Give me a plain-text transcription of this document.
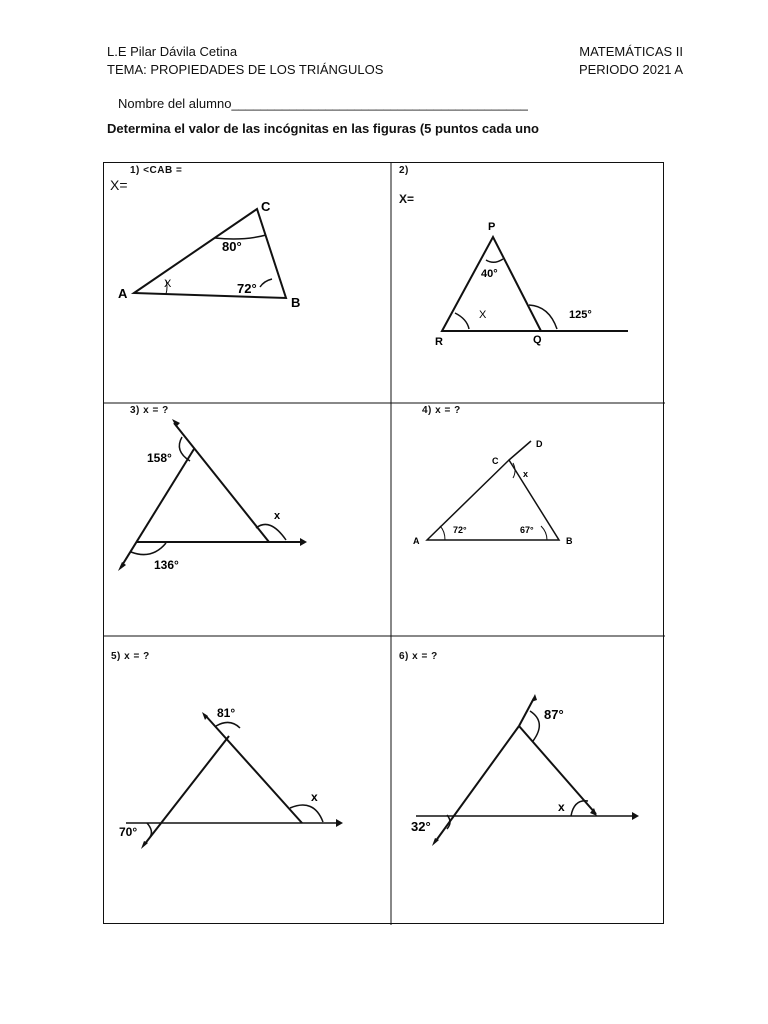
L.E Pilar Dávila Cetina
TEMA: PROPIEDADES DE LOS TRIÁNGULOS
MATEMÁTICAS II
PERIODO 2021 A
Nombre del alumno_________________________________________
Determina el valor de las incógnitas en las figuras (5 puntos cada uno
1) <CAB =
X=
A
B
C
80°
72°
X
2)
X=
P
R	Q
40°
125°
X
3) x = ?
158°
136°
x
4) x = ?
A	B
C
D
72°	67°
x
5) x = ?
81°
70°
x
6) x = ?
87°
32°
x
